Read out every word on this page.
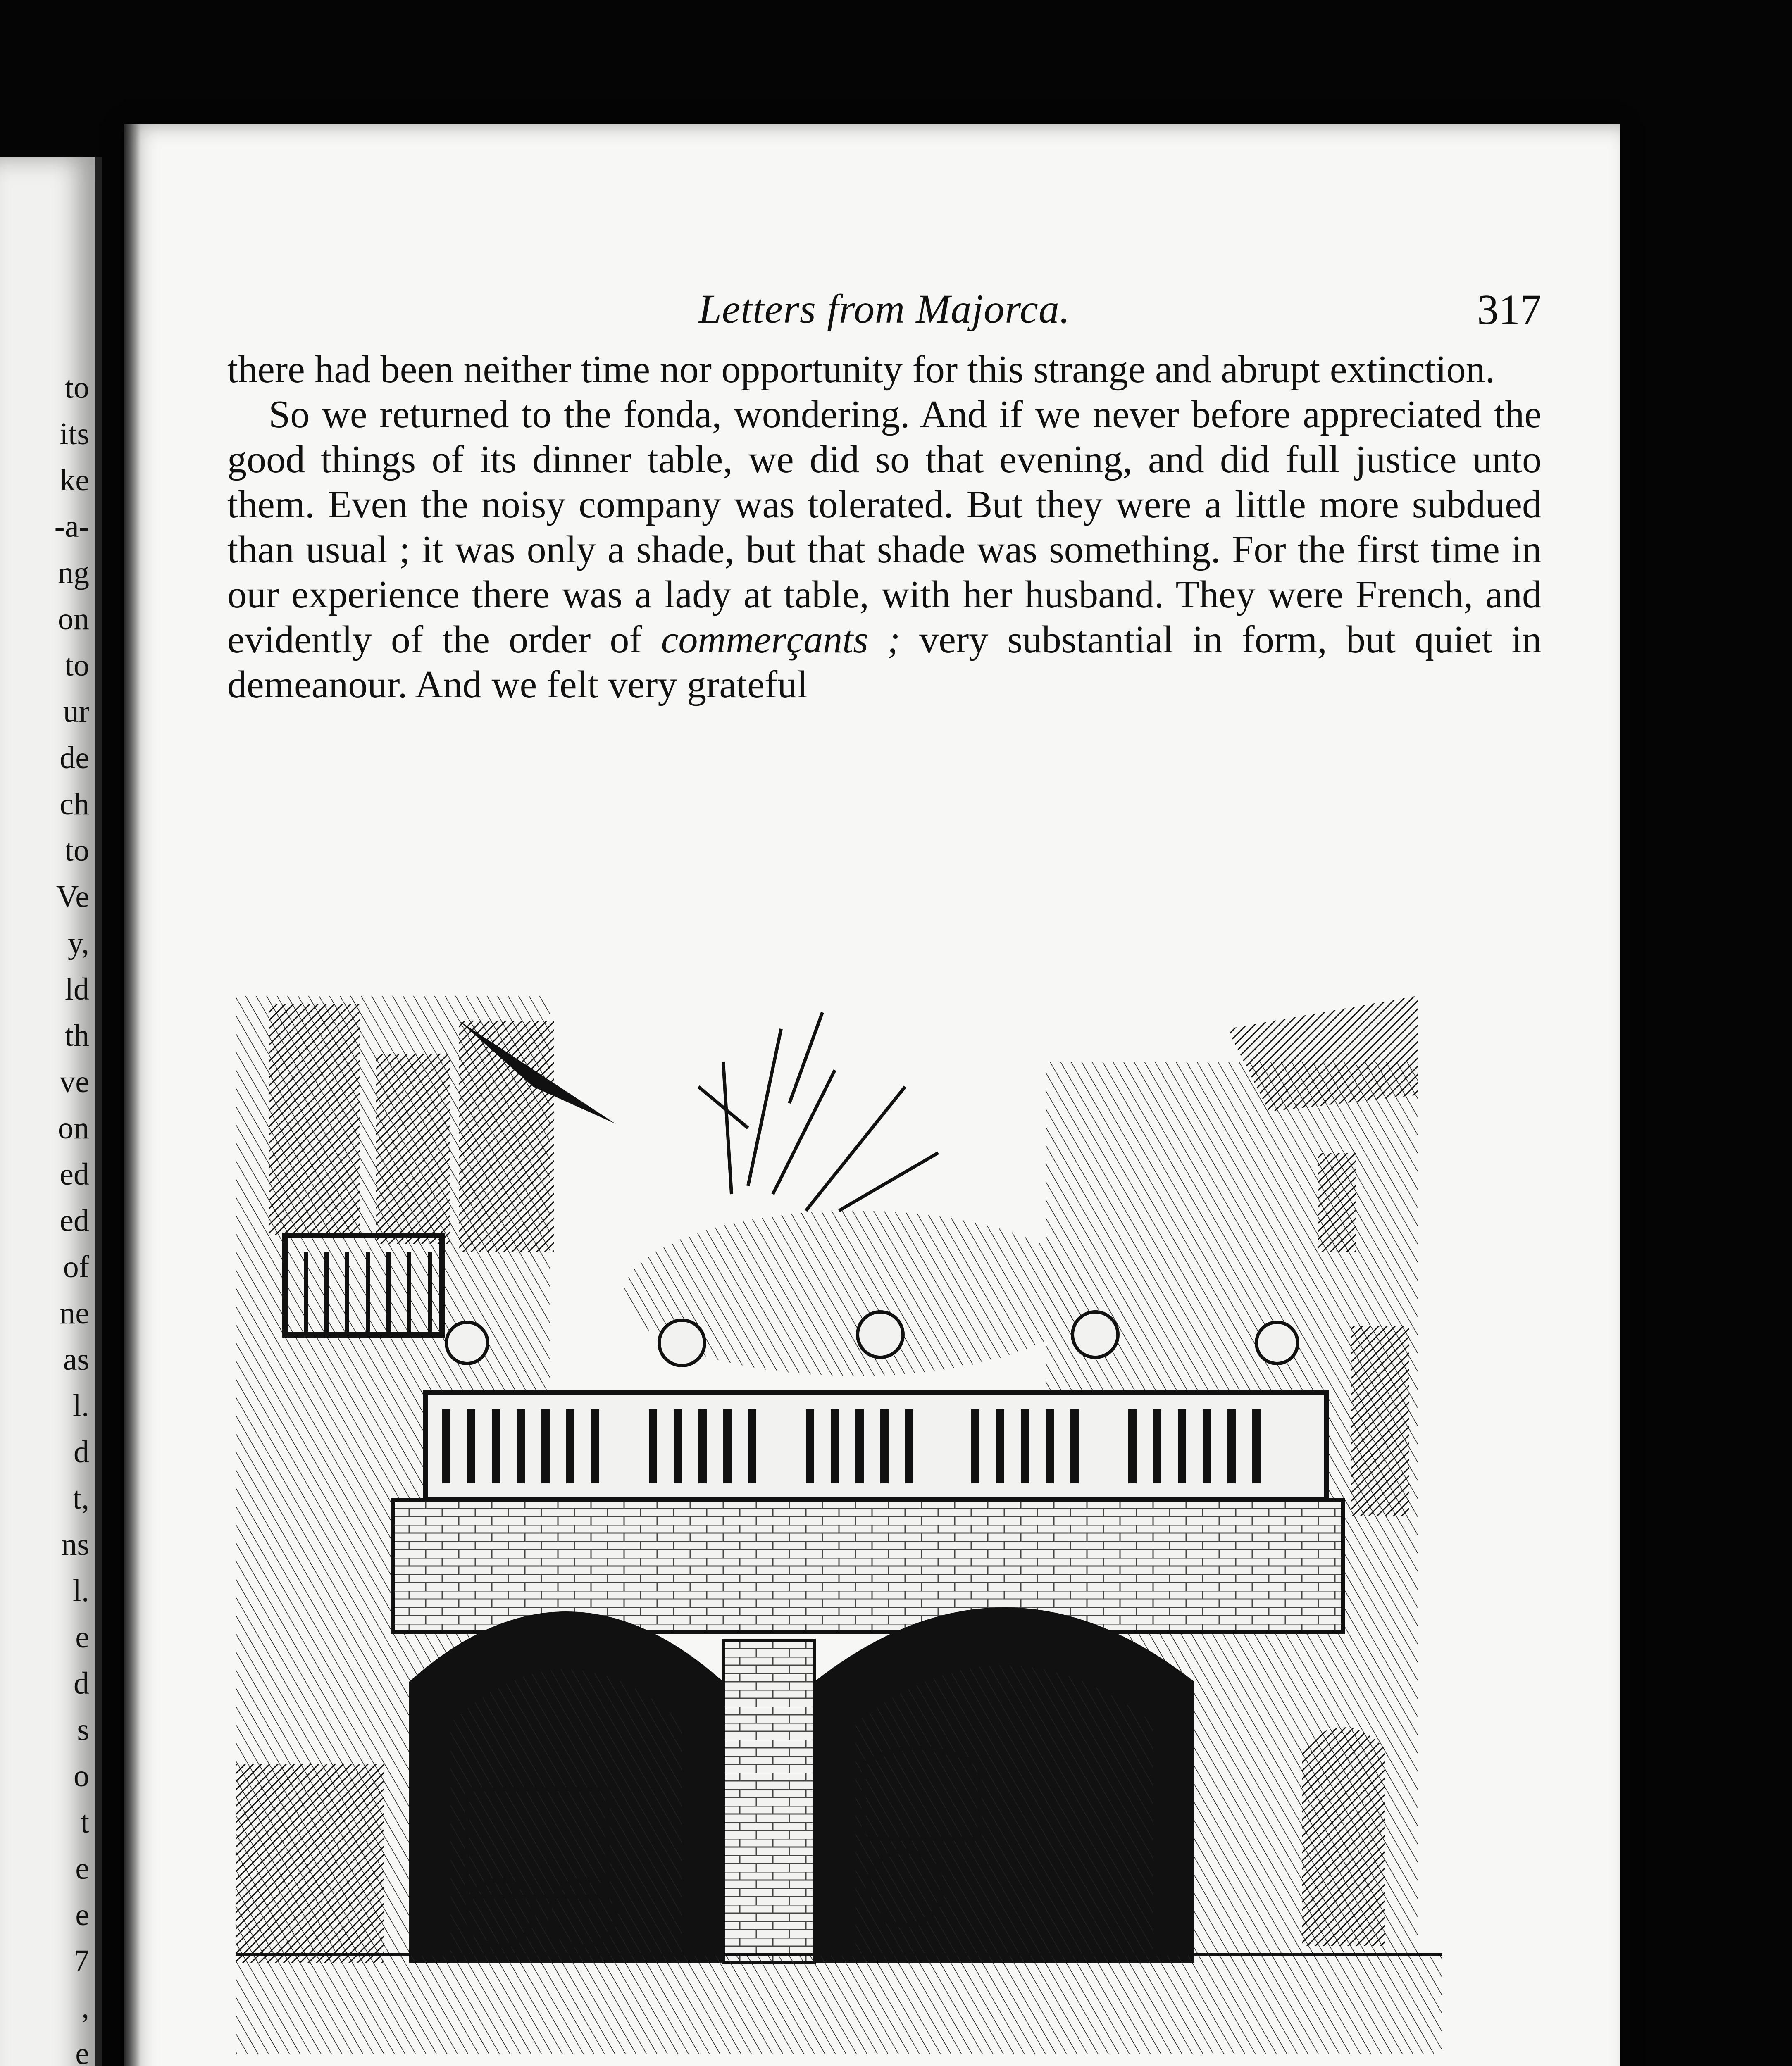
to
its
ke
-a-
ng
on
to
ur
de
ch
to
Ve
y,
ld
th
ve
on
ed
ed
of
ne
as
l.
d
t,
ns
l.
e
d
s
o
t
e
e
7
,
e
Letters from Majorca.	317

there had been neither time nor opportunity for this strange and abrupt extinction.

So we returned to the fonda, wondering. And if we never before appreciated the good things of its dinner table, we did so that evening, and did full justice unto them. Even the noisy company was tolerated. But they were a little more subdued than usual ; it was only a shade, but that shade was something. For the first time in our experience there was a lady at table, with her husband. They were French, and evidently of the order of commerçants ; very substantial in form, but quiet in demeanour. And we felt very grateful
